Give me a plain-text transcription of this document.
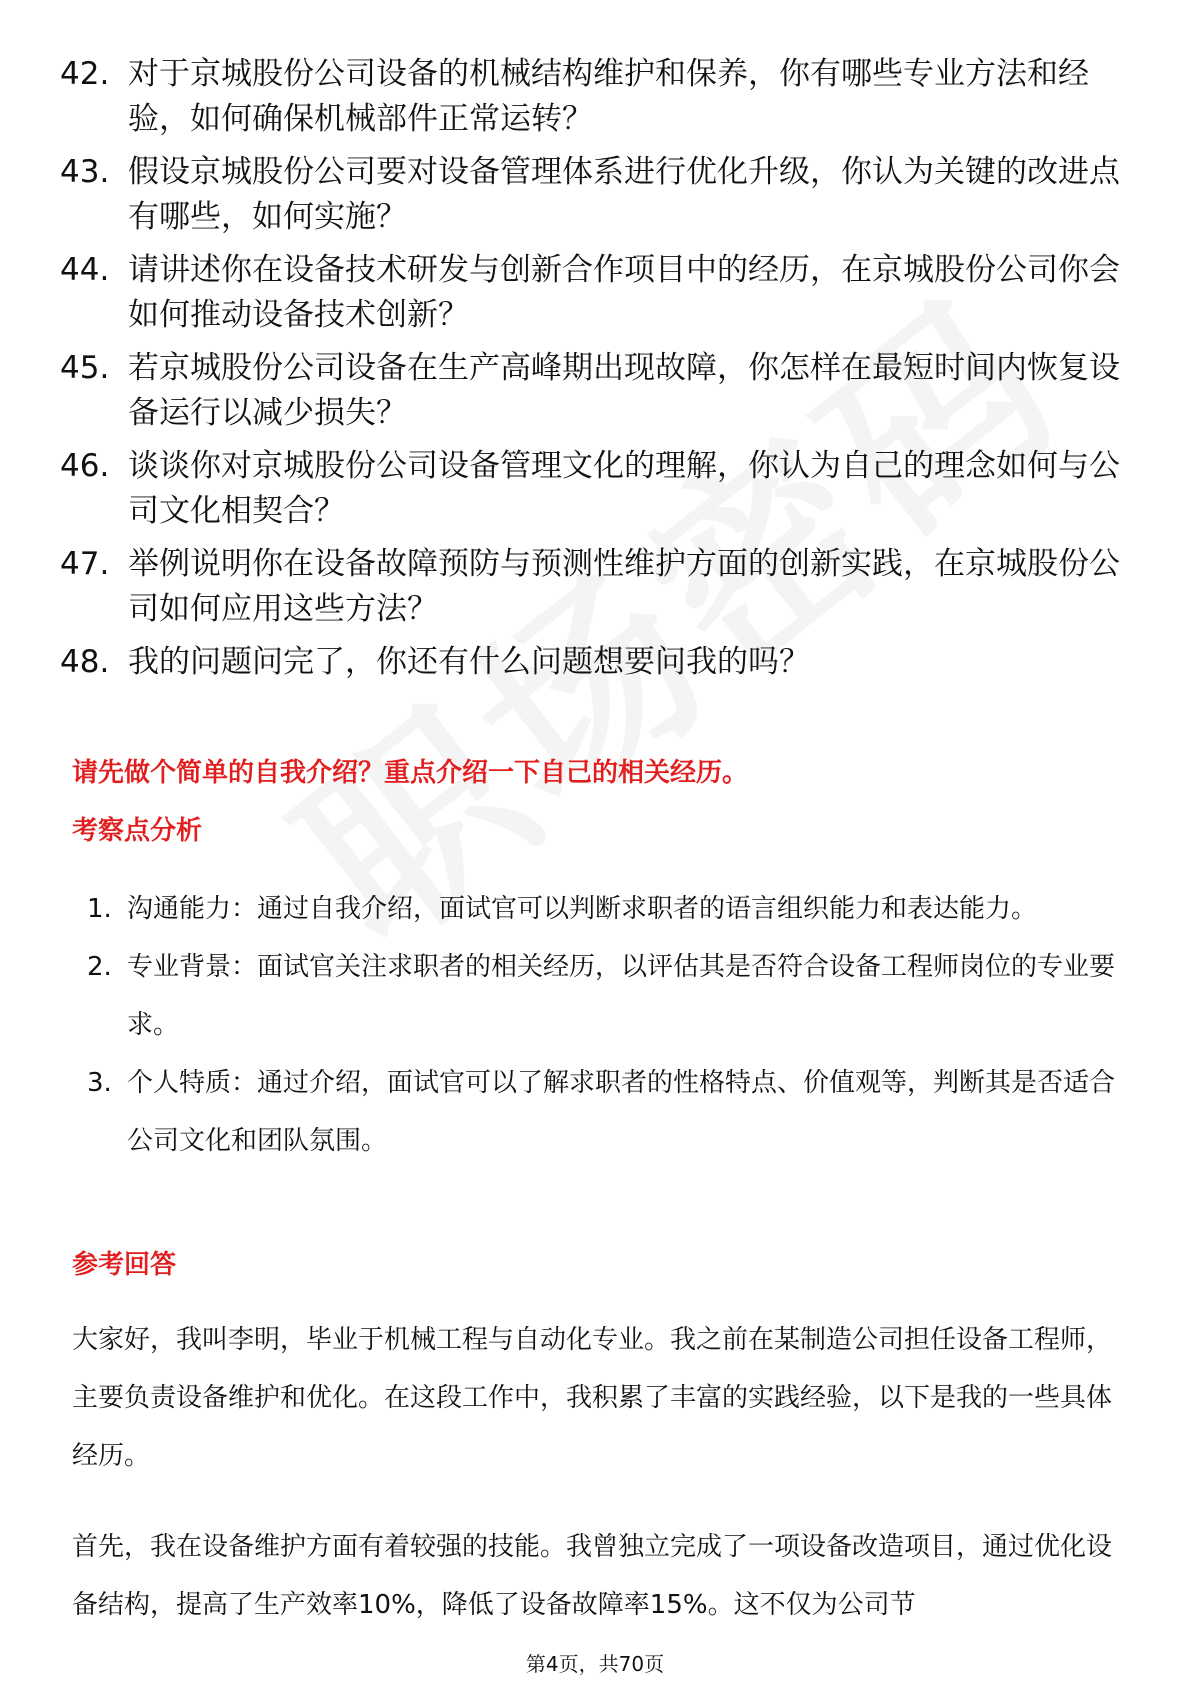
42. 对于京城股份公司设备的机械结构维护和保养，你有哪些专业方法和经验，如何确保机械部件正常运转？
43. 假设京城股份公司要对设备管理体系进行优化升级，你认为关键的改进点有哪些，如何实施？
44. 请讲述你在设备技术研发与创新合作项目中的经历，在京城股份公司你会如何推动设备技术创新？
45. 若京城股份公司设备在生产高峰期出现故障，你怎样在最短时间内恢复设备运行以减少损失？
46. 谈谈你对京城股份公司设备管理文化的理解，你认为自己的理念如何与公司文化相契合？
47. 举例说明你在设备故障预防与预测性维护方面的创新实践，在京城股份公司如何应用这些方法？
48. 我的问题问完了，你还有什么问题想要问我的吗？
请先做个简单的自我介绍？重点介绍一下自己的相关经历。
考察点分析
1. 沟通能力：通过自我介绍，面试官可以判断求职者的语言组织能力和表达能力。
2. 专业背景：面试官关注求职者的相关经历，以评估其是否符合设备工程师岗位的专业要求。
3. 个人特质：通过介绍，面试官可以了解求职者的性格特点、价值观等，判断其是否适合公司文化和团队氛围。
参考回答
大家好，我叫李明，毕业于机械工程与自动化专业。我之前在某制造公司担任设备工程师，主要负责设备维护和优化。在这段工作中，我积累了丰富的实践经验，以下是我的一些具体经历。
首先，我在设备维护方面有着较强的技能。我曾独立完成了一项设备改造项目，通过优化设备结构，提高了生产效率10%，降低了设备故障率15%。这不仅为公司节
第4页，共70页
